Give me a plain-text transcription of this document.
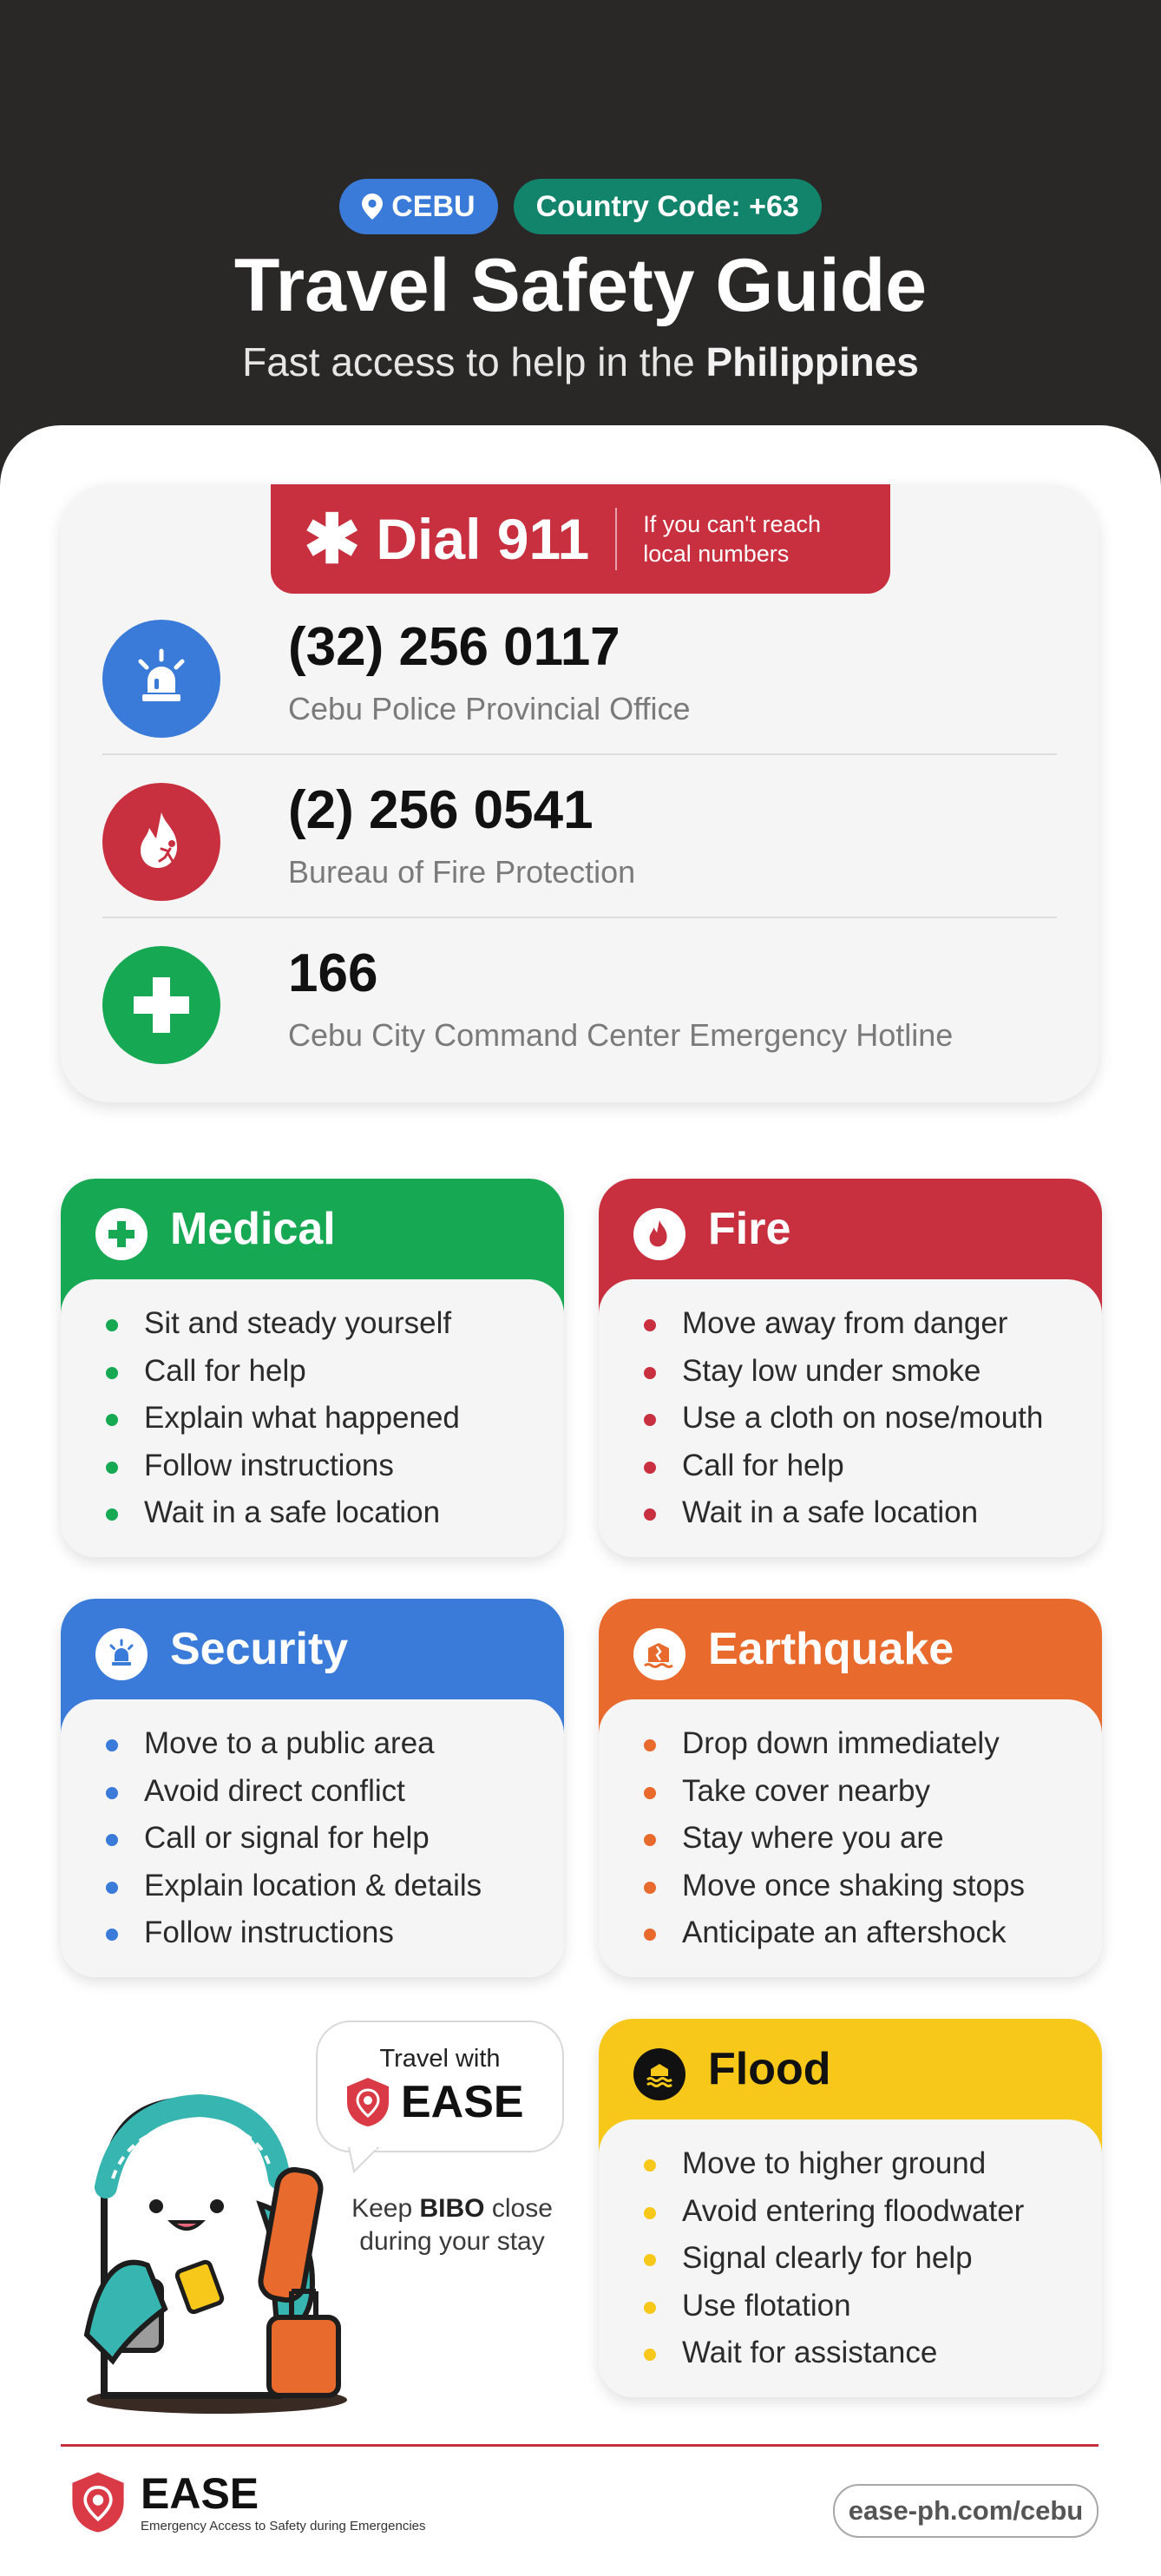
CEBU Country Code: +63
Travel Safety Guide
Fast access to help in the Philippines
✱ Dial 911 If you can't reach local numbers
(32) 256 0117
Cebu Police Provincial Office
(2) 256 0541
Bureau of Fire Protection
166
Cebu City Command Center Emergency Hotline
Medical
Sit and steady yourself
Call for help
Explain what happened
Follow instructions
Wait in a safe location
Fire
Move away from danger
Stay low under smoke
Use a cloth on nose/mouth
Call for help
Wait in a safe location
Security
Move to a public area
Avoid direct conflict
Call or signal for help
Explain location & details
Follow instructions
Earthquake
Drop down immediately
Take cover nearby
Stay where you are
Move once shaking stops
Anticipate an aftershock
Flood
Move to higher ground
Avoid entering floodwater
Signal clearly for help
Use flotation
Wait for assistance
Travel with
EASE
Keep BIBO close during your stay
EASE
Emergency Access to Safety during Emergencies	ease-ph.com/cebu
